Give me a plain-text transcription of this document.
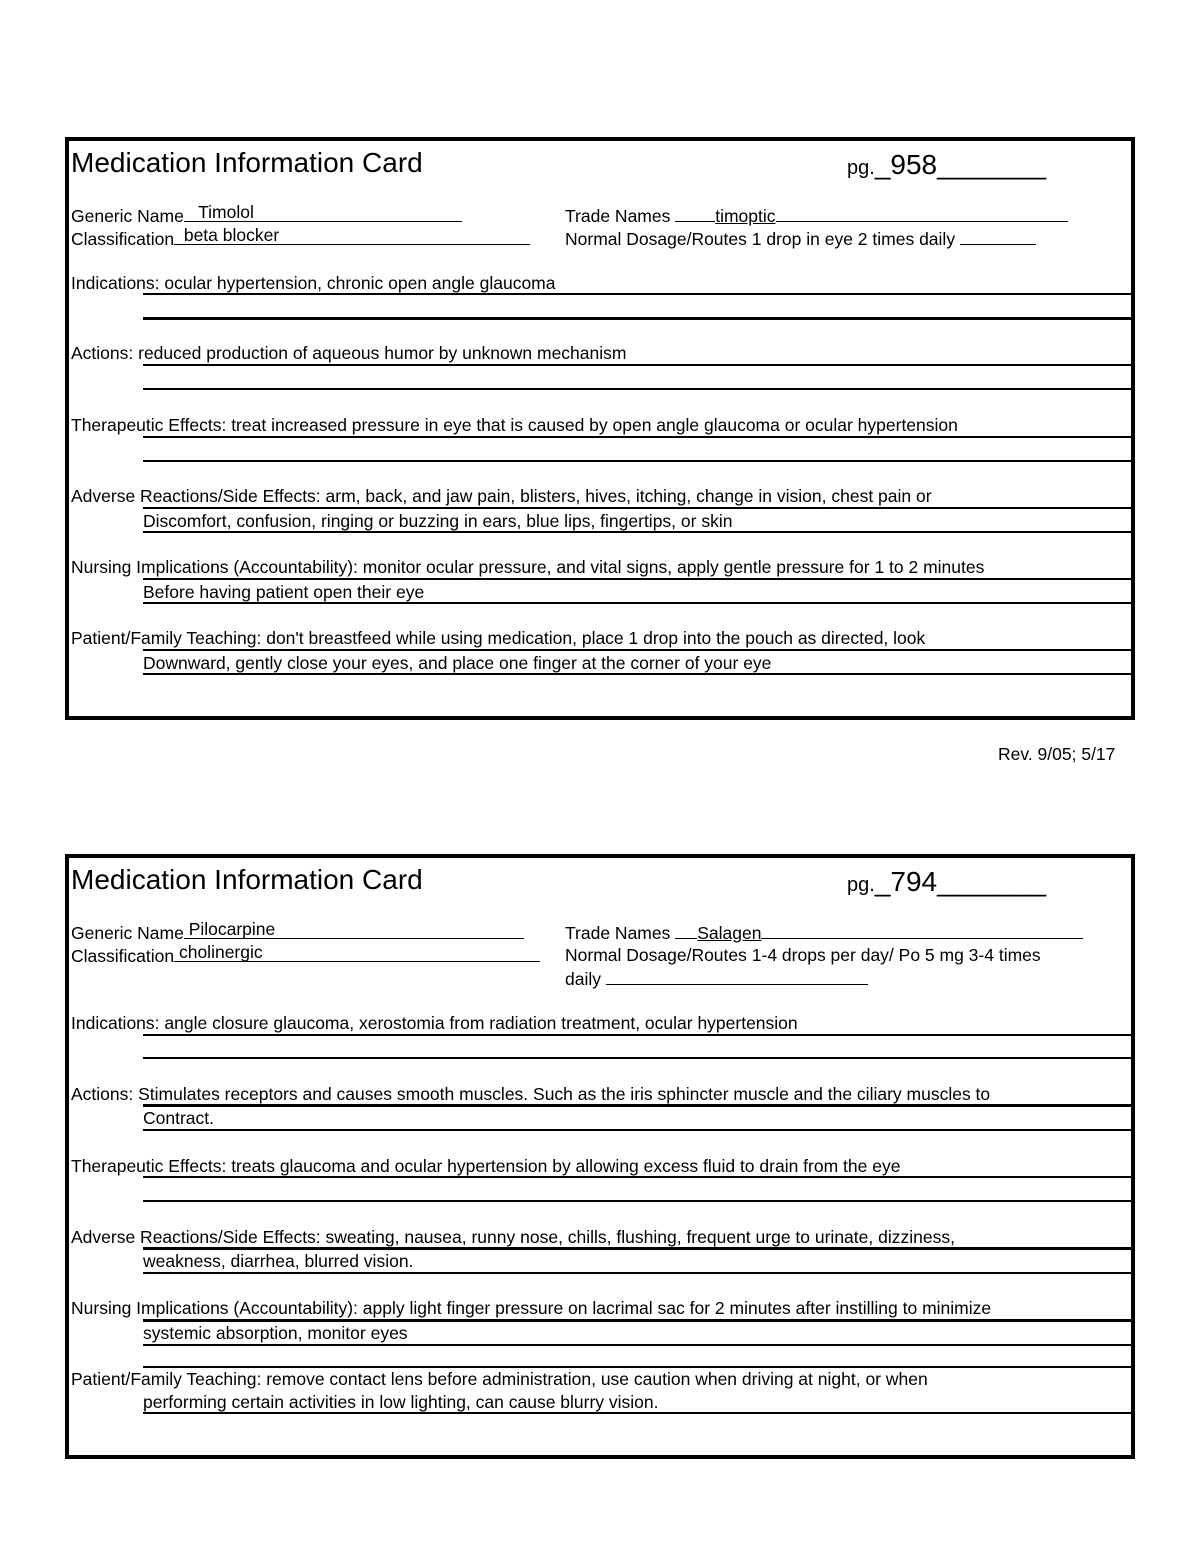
Medication Information Card	pg._958_______
Generic Name Timolol
Classification beta blocker
Trade Names	timoptic
Normal Dosage/Routes 1 drop in eye 2 times daily
Indications: ocular hypertension, chronic open angle glaucoma
Actions: reduced production of aqueous humor by unknown mechanism
Therapeutic Effects: treat increased pressure in eye that is caused by open angle glaucoma or ocular hypertension
Adverse Reactions/Side Effects: arm, back, and jaw pain, blisters, hives, itching, change in vision, chest pain or
Discomfort, confusion, ringing or buzzing in ears, blue lips, fingertips, or skin
Nursing Implications (Accountability): monitor ocular pressure, and vital signs, apply gentle pressure for 1 to 2 minutes
Before having patient open their eye
Patient/Family Teaching: don't breastfeed while using medication, place 1 drop into the pouch as directed, look
Downward, gently close your eyes, and place one finger at the corner of your eye
Rev. 9/05; 5/17
Medication Information Card	pg._794_______
Generic Name Pilocarpine
Classification cholinergic
Trade Names Salagen
Normal Dosage/Routes 1-4 drops per day/ Po 5 mg 3-4 times
daily
Indications: angle closure glaucoma, xerostomia from radiation treatment, ocular hypertension
Actions: Stimulates receptors and causes smooth muscles. Such as the iris sphincter muscle and the ciliary muscles to
Contract.
Therapeutic Effects: treats glaucoma and ocular hypertension by allowing excess fluid to drain from the eye
Adverse Reactions/Side Effects: sweating, nausea, runny nose, chills, flushing, frequent urge to urinate, dizziness,
weakness, diarrhea, blurred vision.
Nursing Implications (Accountability): apply light finger pressure on lacrimal sac for 2 minutes after instilling to minimize
systemic absorption, monitor eyes
Patient/Family Teaching: remove contact lens before administration, use caution when driving at night, or when
performing certain activities in low lighting, can cause blurry vision.
